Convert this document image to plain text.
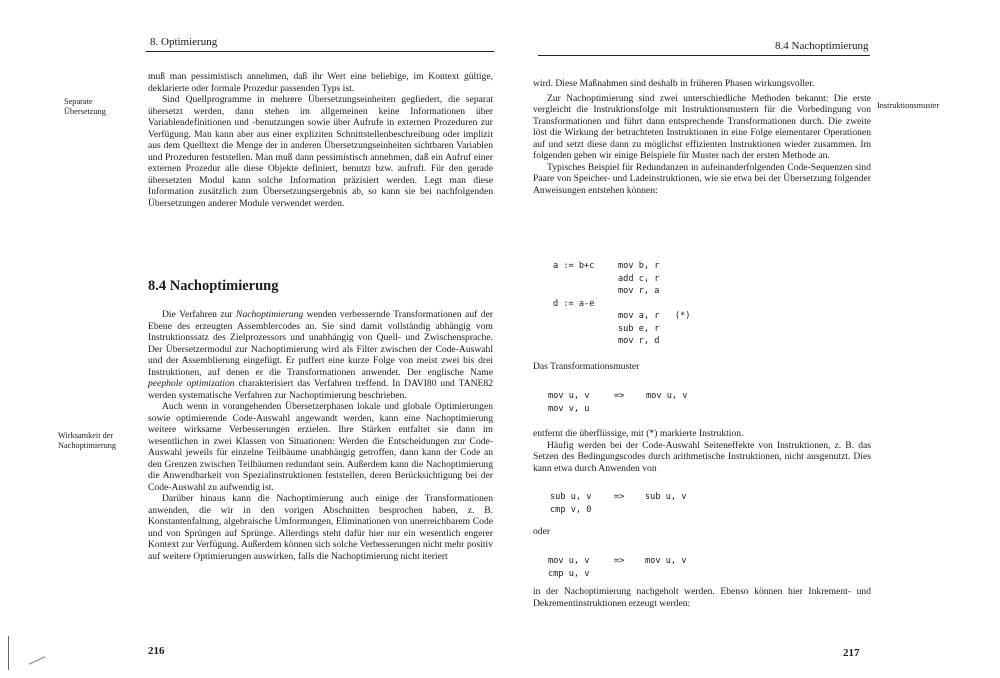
8. Optimierung
Separate Übersetzung
Wirksamkeit der Nachoptimierung

muß man pessimistisch annehmen, daß ihr Wert eine beliebige, im Kontext gültige, deklarierte oder formale Prozedur passenden Typs ist.

Sind Quellprogramme in mehrere Übersetzungseinheiten gegliedert, die separat übersetzt werden, dann stehen im allgemeinen keine Informationen über Variablendefinitionen und -benutzungen sowie über Aufrufe in externen Prozeduren zur Verfügung. Man kann aber aus einer expliziten Schnittstellenbeschreibung oder implizit aus dem Quelltext die Menge der in anderen Übersetzungseinheiten sichtbaren Variablen und Prozeduren feststellen. Man muß dann pessimistisch annehmen, daß ein Aufruf einer externen Prozedur alle diese Objekte definiert, benutzt bzw. aufruft. Für den gerade übersetzten Modul kann solche Information präzisiert werden. Legt man diese Information zusätzlich zum Übersetzungsergebnis ab, so kann sie bei nachfolgenden Übersetzungen anderer Module verwendet werden.

8.4 Nachoptimierung

Die Verfahren zur Nachoptimierung wenden verbessernde Transformationen auf der Ebene des erzeugten Assemblercodes an. Sie sind damit vollständig abhängig vom Instruktionssatz des Zielprozessors und unabhängig von Quell- und Zwischensprache. Der Übersetzermodul zur Nachoptimierung wird als Filter zwischen der Code-Auswahl und der Assemblierung eingefügt. Er puffert eine kurze Folge von meist zwei bis drei Instruktionen, auf denen er die Transformationen anwendet. Der englische Name peephole optimization charakterisiert das Verfahren treffend. In DAVI80 und TANE82 werden systematische Verfahren zur Nachoptimierung beschrieben.

Auch wenn in vorangehenden Übersetzerphasen lokale und globale Optimierungen sowie optimierende Code-Auswahl angewandt werden, kann eine Nachoptimierung weitere wirksame Verbesserungen erzielen. Ihre Stärken entfaltet sie dann im wesentlichen in zwei Klassen von Situationen: Werden die Entscheidungen zur Code-Auswahl jeweils für einzelne Teilbäume unabhängig getroffen, dann kann der Code an den Grenzen zwischen Teilbäumen redundant sein. Außerdem kann die Nachoptimierung die Anwendbarkeit von Spezialinstruktionen feststellen, deren Berücksichtigung bei der Code-Auswahl zu aufwendig ist.

Darüber hinaus kann die Nachoptimierung auch einige der Transformationen anwenden, die wir in den vorigen Abschnitten besprochen haben, z. B. Konstantenfaltung, algebraische Umformungen, Eliminationen von unerreichbarem Code und von Sprüngen auf Sprünge. Allerdings steht dafür hier nur ein wesentlich engerer Kontext zur Verfügung. Außerdem können sich solche Verbesserungen nicht mehr positiv auf weitere Optimierungen auswirken, falls die Nachoptimierung nicht iteriert

216
8.4 Nachoptimierung
Instruktionsmuster

wird. Diese Maßnahmen sind deshalb in früheren Phasen wirkungsvoller.

Zur Nachoptimierung sind zwei unterschiedliche Methoden bekannt: Die erste vergleicht die Instruktionsfolge mit Instruktionsmustern für die Vorbedingung von Transformationen und führt dann entsprechende Transformationen durch. Die zweite löst die Wirkung der betrachteten Instruktionen in eine Folge elementarer Operationen auf und setzt diese dann zu möglichst effizienten Instruktionen wieder zusammen. Im folgenden geben wir einige Beispiele für Muster nach der ersten Methode an.

Typisches Beispiel für Redundanzen in aufeinanderfolgenden Code-Sequenzen sind Paare von Speicher- und Ladeinstruktionen, wie sie etwa bei der Übersetzung folgender Anweisungen entstehen können:

a := b+c

d := a-e
mov b, r
add c, r
mov r, a

mov a, r   (*)
sub e, r
mov r, d
Das Transformationsmuster
mov u, v
mov v, u
=>	mov u, v

entfernt die überflüssige, mit (*) markierte Instruktion.

Häufig werden bei der Code-Auswahl Seiteneffekte von Instruktionen, z. B. das Setzen des Bedingungscodes durch arithmetische Instruktionen, nicht ausgenutzt. Dies kann etwa durch Anwenden von

sub u, v
cmp v, 0
=> sub u, v
oder
mov u, v
cmp u, v
=> mov u, v

in der Nachoptimierung nachgeholt werden. Ebenso können hier Inkrement- und Dekrementinstruktionen erzeugt werden:

217
